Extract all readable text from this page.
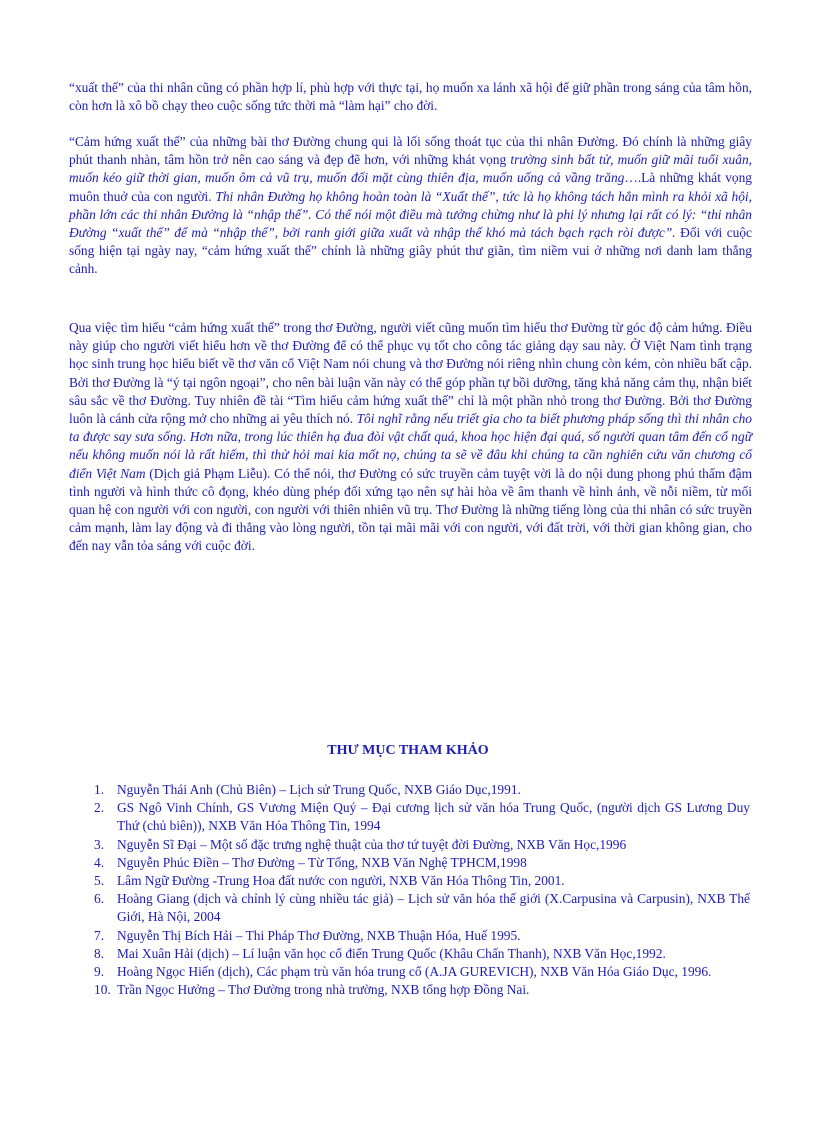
“xuất thế” của thi nhân cũng có phần hợp lí, phù hợp với thực tại, họ muốn xa lánh xã hội để giữ phần trong sáng của tâm hồn, còn hơn là xô bồ chạy theo cuộc sống tức thời mà “làm hại” cho đời.

“Cảm hứng xuất thế” của những bài thơ Đường chung qui là lối sống thoát tục của thi nhân Đường. Đó chính là những giây phút thanh nhàn, tâm hồn trở nên cao sáng và đẹp đẽ hơn, với những khát vọng trường sinh bất tử, muốn giữ mãi tuổi xuân, muốn kéo giữ thời gian, muốn ôm cả vũ trụ, muốn đối mặt cùng thiên địa, muốn uống cả vầng trăng….Là những khát vọng muôn thuở của con người. Thi nhân Đường họ không hoàn toàn là “Xuất thế”, tức là họ không tách hẳn mình ra khỏi xã hội, phần lớn các thi nhân Đường là “nhập thế”. Có thể nói một điều mà tưởng chừng như là phi lý nhưng lại rất có lý: “thi nhân Đường “xuất thế” để mà “nhập thế”, bởi ranh giới giữa xuất và nhập thế khó mà tách bạch rạch ròi được”. Đối với cuộc sống hiện tại ngày nay, “cảm hứng xuất thế” chính là những giây phút thư giãn, tìm niềm vui ở những nơi danh lam thắng cảnh.

Qua việc tìm hiểu “cảm hứng xuất thế” trong thơ Đường, người viết cũng muốn tìm hiểu thơ Đường từ góc độ cảm hứng. Điều này giúp cho người viết hiểu hơn về thơ Đường để có thể phục vụ tốt cho công tác giảng dạy sau này. Ở Việt Nam tình trạng học sinh trung học hiểu biết về thơ văn cổ Việt Nam nói chung và thơ Đường nói riêng nhìn chung còn kém, còn nhiều bất cập. Bởi thơ Đường là “ý tại ngôn ngoại”, cho nên bài luận văn này có thể góp phần tự bồi dưỡng, tăng khả năng cảm thụ, nhận biết sâu sắc về thơ Đường. Tuy nhiên đề tài “Tìm hiểu cảm hứng xuất thế” chỉ là một phần nhỏ trong thơ Đường. Bởi thơ Đường luôn là cánh cửa rộng mở cho những ai yêu thích nó. Tôi nghĩ rằng nếu triết gia cho ta biết phương pháp sống thì thi nhân cho ta được say sưa sống. Hơn nữa, trong lúc thiên hạ đua đòi vật chất quá, khoa học hiện đại quá, số người quan tâm đến cổ ngữ nếu không muốn nói là rất hiếm, thì thử hỏi mai kia mốt nọ, chúng ta sẽ về đâu khi chúng ta cần nghiên cứu văn chương cổ điển Việt Nam (Dịch giả Phạm Liễu). Có thể nói, thơ Đường có sức truyền cảm tuyệt vời là do nội dung phong phú thấm đậm tình người và hình thức cô đọng, khéo dùng phép đối xứng tạo nên sự hài hòa về âm thanh về hình ảnh, về nỗi niềm, từ mối quan hệ con người với con người, con người với thiên nhiên vũ trụ. Thơ Đường là những tiếng lòng của thi nhân có sức truyền cảm mạnh, làm lay động và đi thẳng vào lòng người, tồn tại mãi mãi với con người, với đất trời, với thời gian không gian, cho đến nay vẫn tỏa sáng với cuộc đời.

THƯ MỤC THAM KHẢO
1. Nguyễn Thái Anh (Chủ Biên) – Lịch sử Trung Quốc, NXB Giáo Dục,1991.
2. GS Ngô Vinh Chính, GS Vương Miện Quý – Đại cương lịch sử văn hóa Trung Quốc, (người dịch GS Lương Duy Thứ (chủ biên)), NXB Văn Hóa Thông Tin, 1994
3. Nguyễn Sĩ Đại – Một số đặc trưng nghệ thuật của thơ tứ tuyệt đời Đường, NXB Văn Học,1996
4. Nguyễn Phúc Điền – Thơ Đường – Từ Tống, NXB Văn Nghệ TPHCM,1998
5. Lâm Ngữ Đường -Trung Hoa đất nước con người, NXB Văn Hóa Thông Tin, 2001.
6. Hoàng Giang (dịch và chỉnh lý cùng nhiều tác giả) – Lịch sử văn hóa thế giới (X.Carpusina và Carpusin), NXB Thế Giới, Hà Nội, 2004
7. Nguyễn Thị Bích Hải – Thi Pháp Thơ Đường, NXB Thuận Hóa, Huế 1995.
8. Mai Xuân Hải (dịch) – Lí luận văn học cổ điển Trung Quốc (Khâu Chấn Thanh), NXB Văn Học,1992.
9. Hoàng Ngọc Hiến (dịch), Các phạm trù văn hóa trung cổ (A.JA GUREVICH), NXB Văn Hóa Giáo Dục, 1996.
10. Trần Ngọc Hưởng – Thơ Đường trong nhà trường, NXB tổng hợp Đồng Nai.
